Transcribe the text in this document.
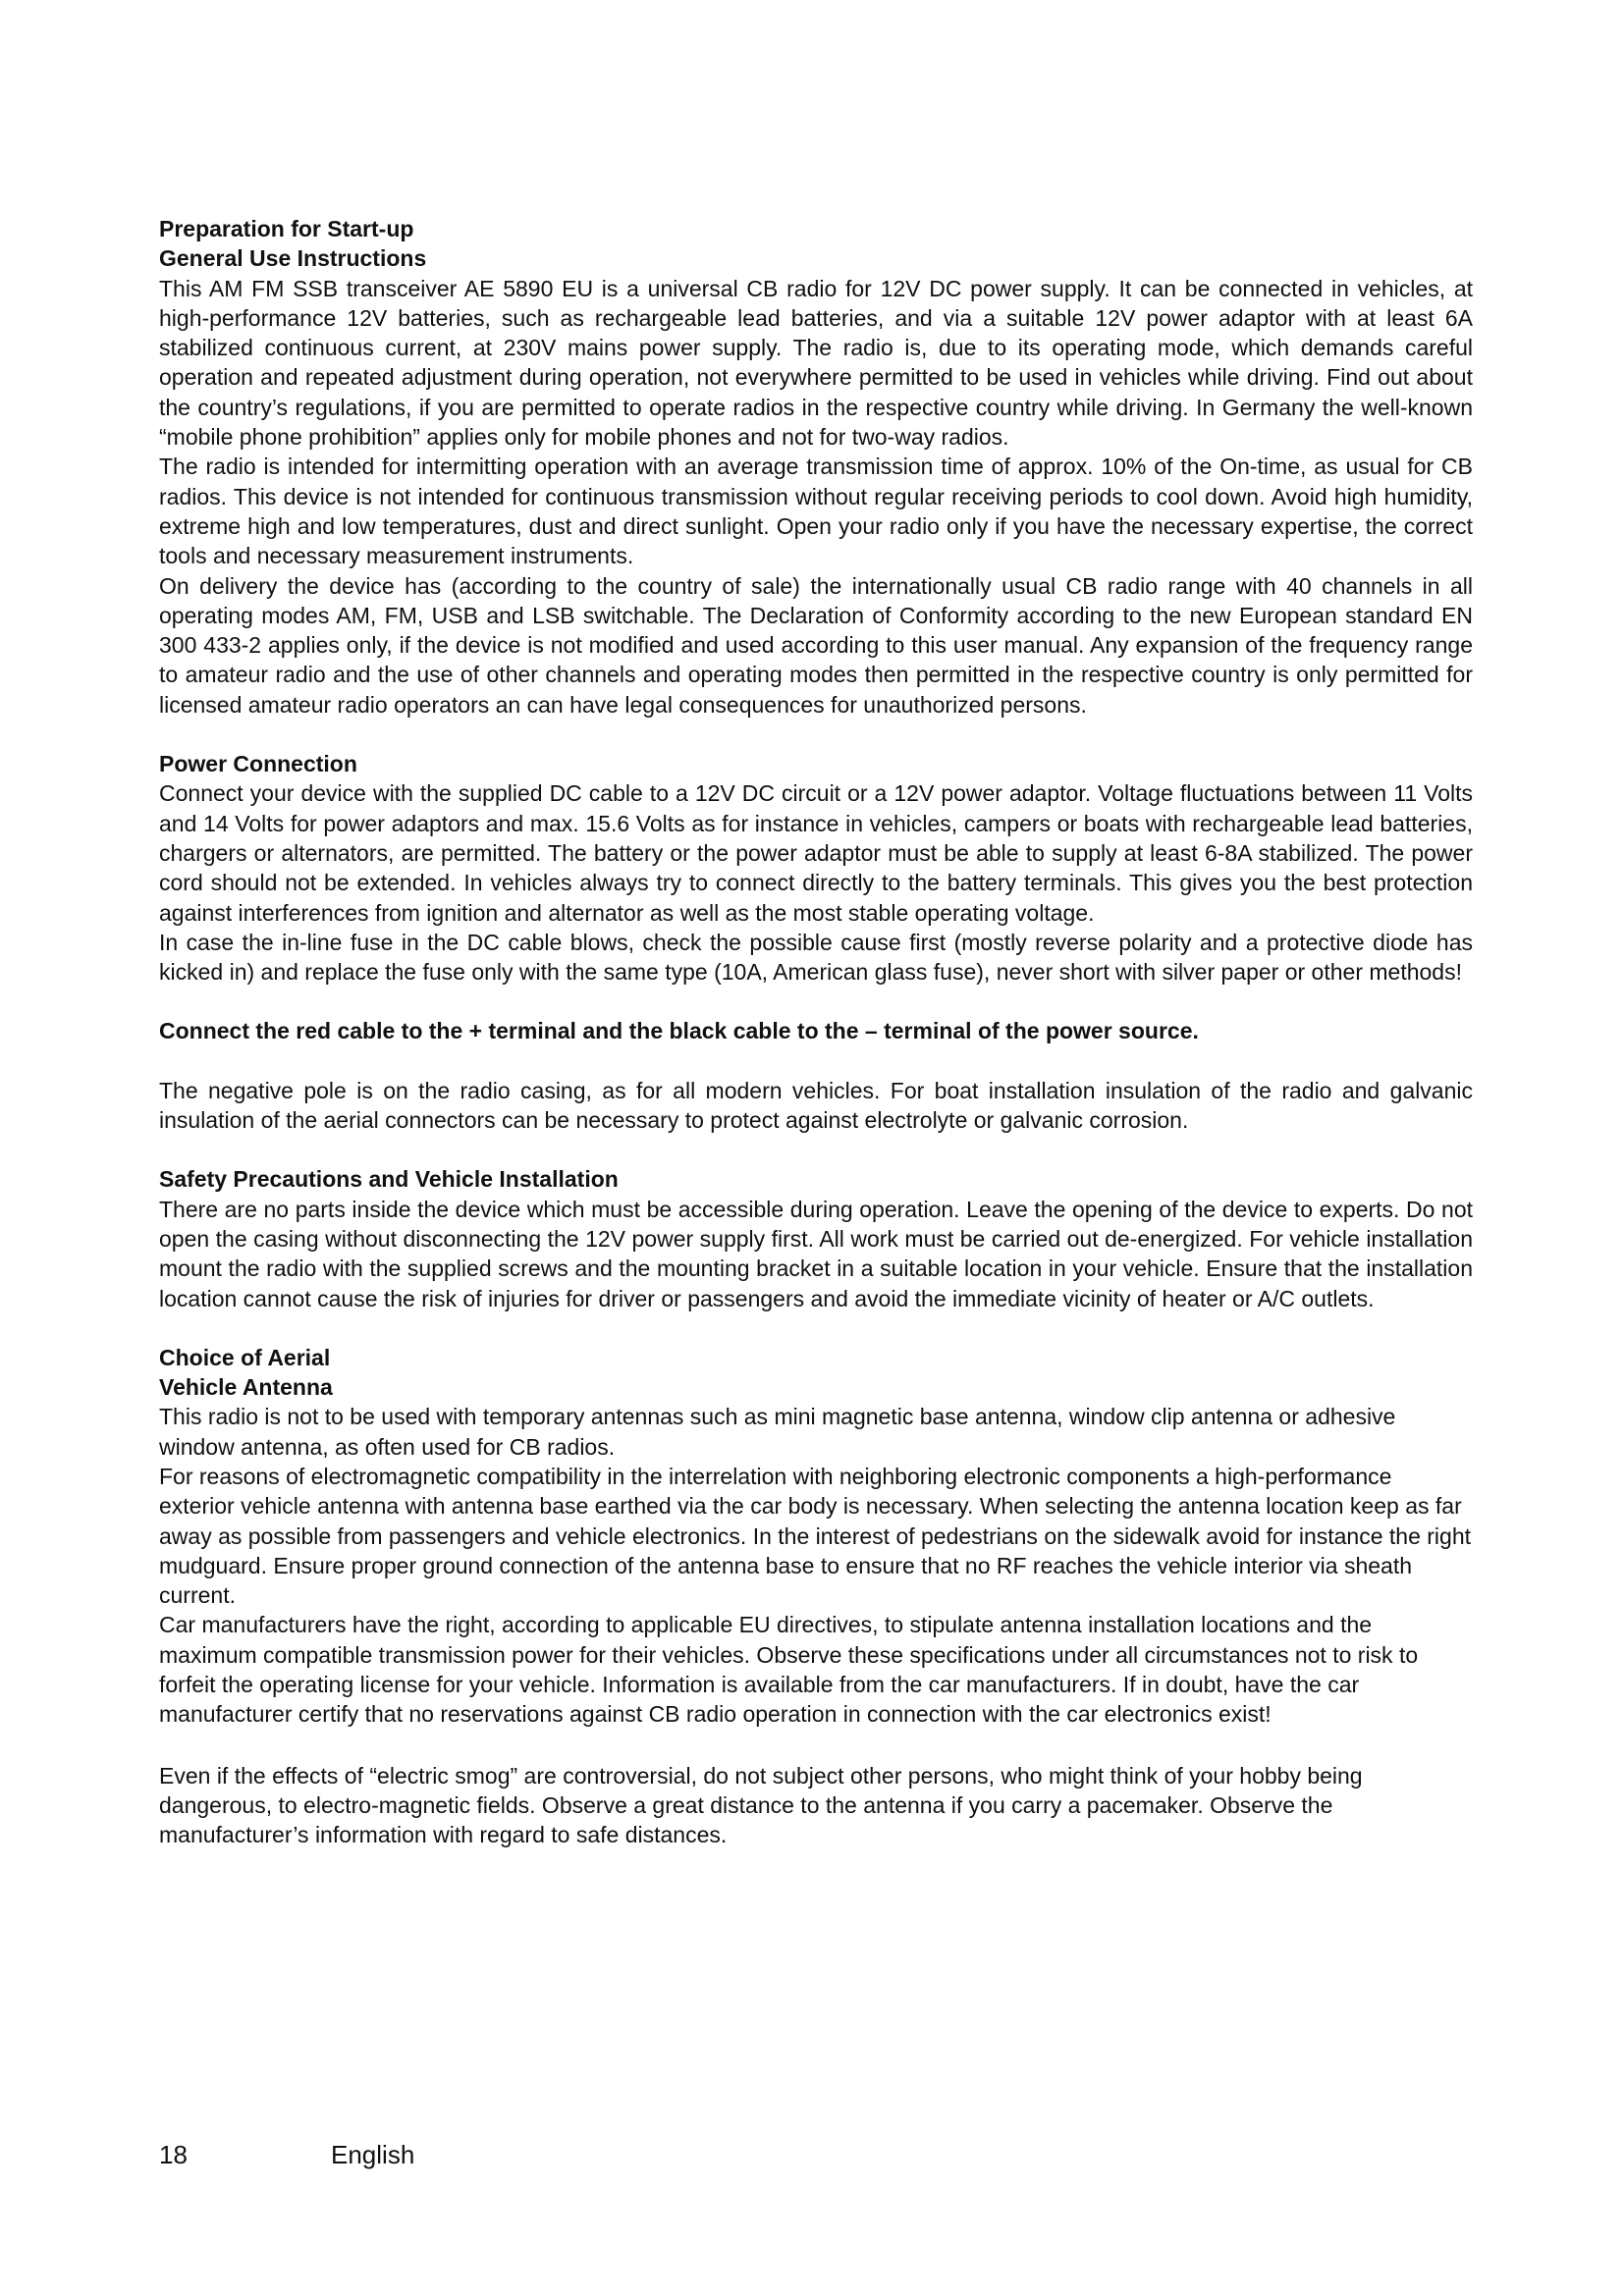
Preparation for Start-up

General Use Instructions

This AM FM SSB transceiver AE 5890 EU is a universal CB radio for 12V DC power supply. It can be connected in vehicles, at high-performance 12V batteries, such as rechargeable lead batteries, and via a suitable 12V power adaptor with at least 6A stabilized continuous current, at 230V mains power supply. The radio is, due to its operating mode, which demands careful operation and repeated adjustment during operation, not everywhere permitted to be used in vehicles while driving. Find out about the country’s regulations, if you are permitted to operate radios in the respective country while driving. In Germany the well-known “mobile phone prohibition” applies only for mobile phones and not for two-way radios.

The radio is intended for intermitting operation with an average transmission time of approx. 10% of the On-time, as usual for CB radios. This device is not intended for continuous transmission without regular receiving periods to cool down. Avoid high humidity, extreme high and low temperatures, dust and direct sunlight. Open your radio only if you have the necessary expertise, the correct tools and necessary measurement instruments.

On delivery the device has (according to the country of sale) the internationally usual CB radio range with 40 channels in all operating modes AM, FM, USB and LSB switchable. The Declaration of Conformity according to the new European standard EN 300 433-2 applies only, if the device is not modified and used according to this user manual. Any expansion of the frequency range to amateur radio and the use of other channels and operating modes then permitted in the respective country is only permitted for licensed amateur radio operators an can have legal consequences for unauthorized persons.

Power Connection

Connect your device with the supplied DC cable to a 12V DC circuit or a 12V power adaptor. Voltage fluctuations between 11 Volts and 14 Volts for power adaptors and max. 15.6 Volts as for instance in vehicles, campers or boats with rechargeable lead batteries, chargers or alternators, are permitted. The battery or the power adaptor must be able to supply at least 6-8A stabilized. The power cord should not be extended. In vehicles always try to connect directly to the battery terminals. This gives you the best protection against interferences from ignition and alternator as well as the most stable operating voltage.

In case the in-line fuse in the DC cable blows, check the possible cause first (mostly reverse polarity and a protective diode has kicked in) and replace the fuse only with the same type (10A, American glass fuse), never short with silver paper or other methods!

Connect the red cable to the + terminal and the black cable to the – terminal of the power source.

The negative pole is on the radio casing, as for all modern vehicles. For boat installation insulation of the radio and galvanic insulation of the aerial connectors can be necessary to protect against electrolyte or galvanic corrosion.

Safety Precautions and Vehicle Installation

There are no parts inside the device which must be accessible during operation. Leave the opening of the device to experts. Do not open the casing without disconnecting the 12V power supply first. All work must be carried out de-energized. For vehicle installation mount the radio with the supplied screws and the mounting bracket in a suitable location in your vehicle. Ensure that the installation location cannot cause the risk of injuries for driver or passengers and avoid the immediate vicinity of heater or A/C outlets.

Choice of Aerial

Vehicle Antenna

This radio is not to be used with temporary antennas such as mini magnetic base antenna, window clip antenna or adhesive window antenna, as often used for CB radios.

For reasons of electromagnetic compatibility in the interrelation with neighboring electronic components a high-performance exterior vehicle antenna with antenna base earthed via the car body is necessary. When selecting the antenna location keep as far away as possible from passengers and vehicle electronics. In the interest of pedestrians on the sidewalk avoid for instance the right mudguard. Ensure proper ground connection of the antenna base to ensure that no RF reaches the vehicle interior via sheath current.

Car manufacturers have the right, according to applicable EU directives, to stipulate antenna installation locations and the maximum compatible transmission power for their vehicles. Observe these specifications under all circumstances not to risk to forfeit the operating license for your vehicle. Information is available from the car manufacturers. If in doubt, have the car manufacturer certify that no reservations against CB radio operation in connection with the car electronics exist!

Even if the effects of “electric smog” are controversial, do not subject other persons, who might think of your hobby being dangerous, to electro-magnetic fields. Observe a great distance to the antenna if you carry a pacemaker. Observe the manufacturer’s information with regard to safe distances.

18	English
